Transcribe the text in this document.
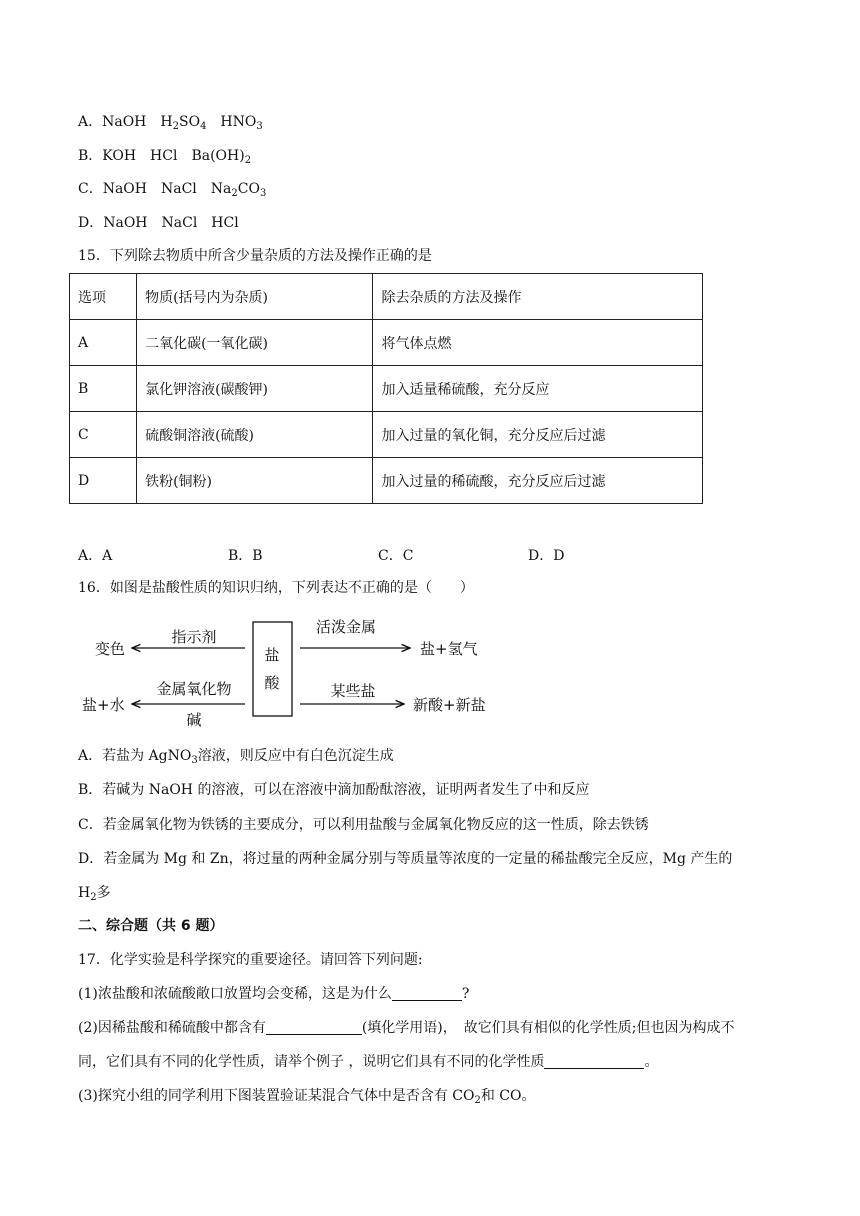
A．NaOH　$H_2SO_4$　$HNO_3$
B．KOH　HCl　$Ba(OH)_2$
C．NaOH　NaCl　$Na_2CO_3$
D．NaOH　NaCl　HCl
15．下列除去物质中所含少量杂质的方法及操作正确的是
选项	物质(括号内为杂质)	除去杂质的方法及操作
A	二氧化碳(一氧化碳)	将气体点燃
B	氯化钾溶液(碳酸钾)	加入适量稀硫酸，充分反应
C	硫酸铜溶液(硫酸)	加入过量的氧化铜，充分反应后过滤
D	铁粉(铜粉)	加入过量的稀硫酸，充分反应后过滤
A．A	B．B	C．C	D．D
16．如图是盐酸性质的知识归纳，下列表达不正确的是（　　）
盐
酸
指示剂
变色
活泼金属
盐+氢气
金属氧化物
碱
盐+水
某些盐
新酸+新盐
A．若盐为 AgNO$_3$溶液，则反应中有白色沉淀生成
B．若碱为 NaOH 的溶液，可以在溶液中滴加酚酞溶液，证明两者发生了中和反应
C．若金属氧化物为铁锈的主要成分，可以利用盐酸与金属氧化物反应的这一性质，除去铁锈
D．若金属为 Mg 和 Zn，将过量的两种金属分别与等质量等浓度的一定量的稀盐酸完全反应，Mg 产生的
$H_2$多
二、综合题（共 6 题）
17．化学实验是科学探究的重要途径。请回答下列问题:
(1)浓盐酸和浓硫酸敞口放置均会变稀，这是为什么	?
(2)因稀盐酸和稀硫酸中都含有	(填化学用语)，　故它们具有相似的化学性质;但也因为构成不
同，它们具有不同的化学性质，请举个例子 ，说明它们具有不同的化学性质	。
(3)探究小组的同学利用下图装置验证某混合气体中是否含有 $CO_2$和 CO。
